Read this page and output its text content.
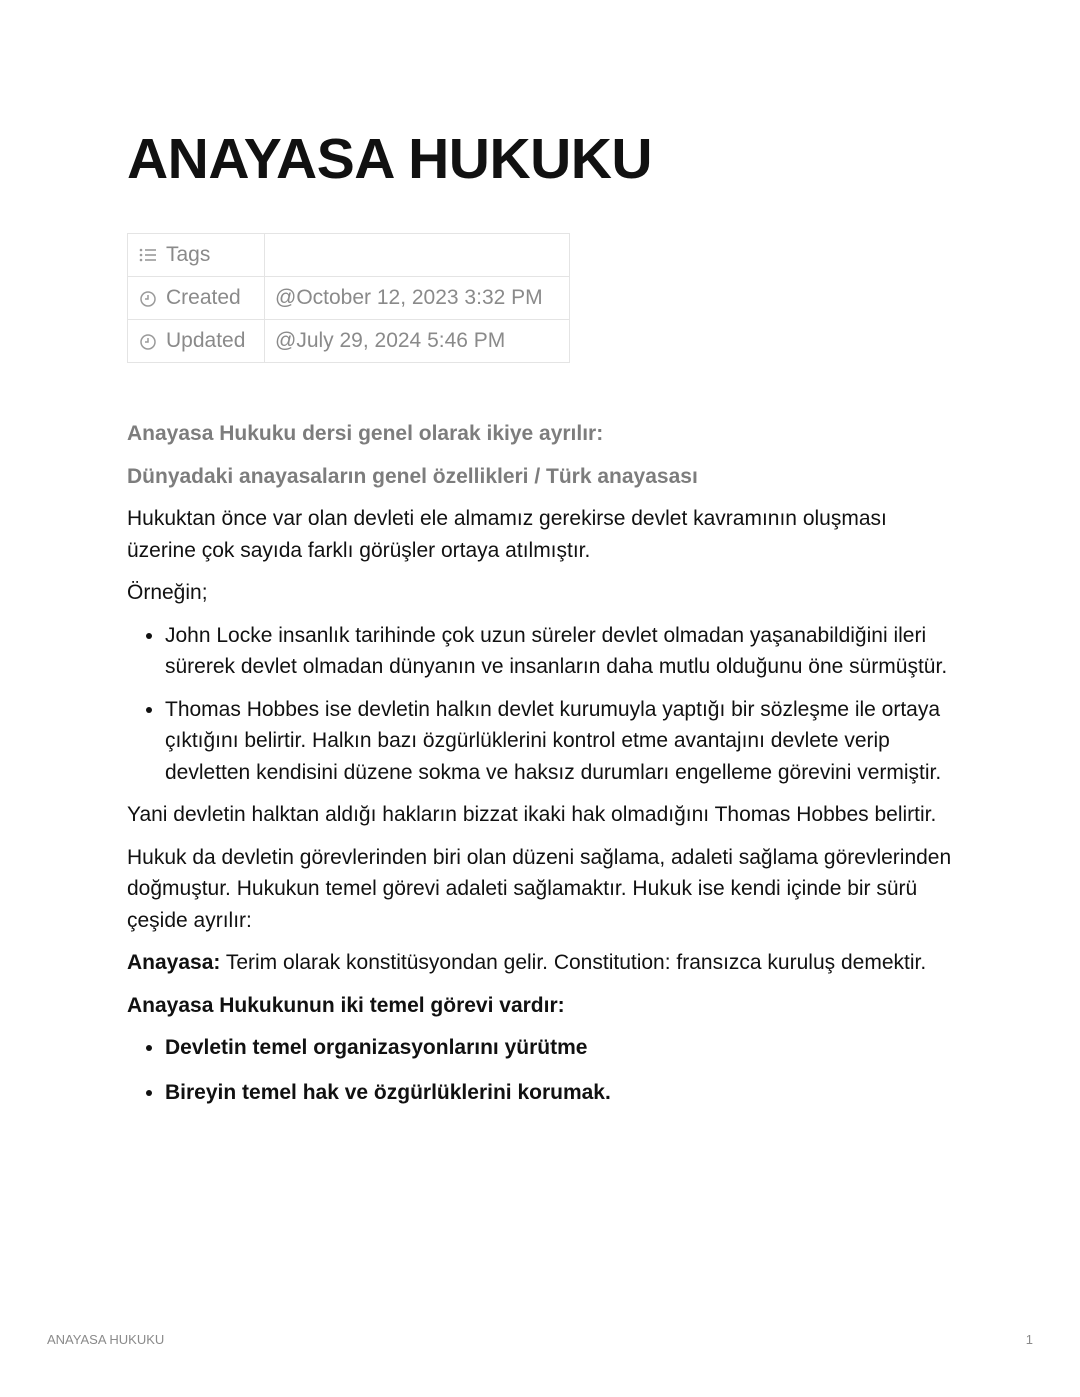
ANAYASA HUKUKU
Tags	

Created	@October 12, 2023 3:32 PM

Updated	@July 29, 2024 5:46 PM

Anayasa Hukuku dersi genel olarak ikiye ayrılır:

Dünyadaki anayasaların genel özellikleri / Türk anayasası

Hukuktan önce var olan devleti ele almamız gerekirse devlet kavramının oluşması üzerine çok sayıda farklı görüşler ortaya atılmıştır.

Örneğin;

• John Locke insanlık tarihinde çok uzun süreler devlet olmadan yaşanabildiğini ileri sürerek devlet olmadan dünyanın ve insanların daha mutlu olduğunu öne sürmüştür.
• Thomas Hobbes ise devletin halkın devlet kurumuyla yaptığı bir sözleşme ile ortaya çıktığını belirtir. Halkın bazı özgürlüklerini kontrol etme avantajını devlete verip devletten kendisini düzene sokma ve haksız durumları engelleme görevini vermiştir.

Yani devletin halktan aldığı hakların bizzat ikaki hak olmadığını Thomas Hobbes belirtir.

Hukuk da devletin görevlerinden biri olan düzeni sağlama, adaleti sağlama görevlerinden doğmuştur. Hukukun temel görevi adaleti sağlamaktır. Hukuk ise kendi içinde bir sürü çeşide ayrılır:

Anayasa: Terim olarak konstitüsyondan gelir. Constitution: fransızca kuruluş demektir.

Anayasa Hukukunun iki temel görevi vardır:

• Devletin temel organizasyonlarını yürütme
• Bireyin temel hak ve özgürlüklerini korumak.
ANAYASA HUKUKU	1
